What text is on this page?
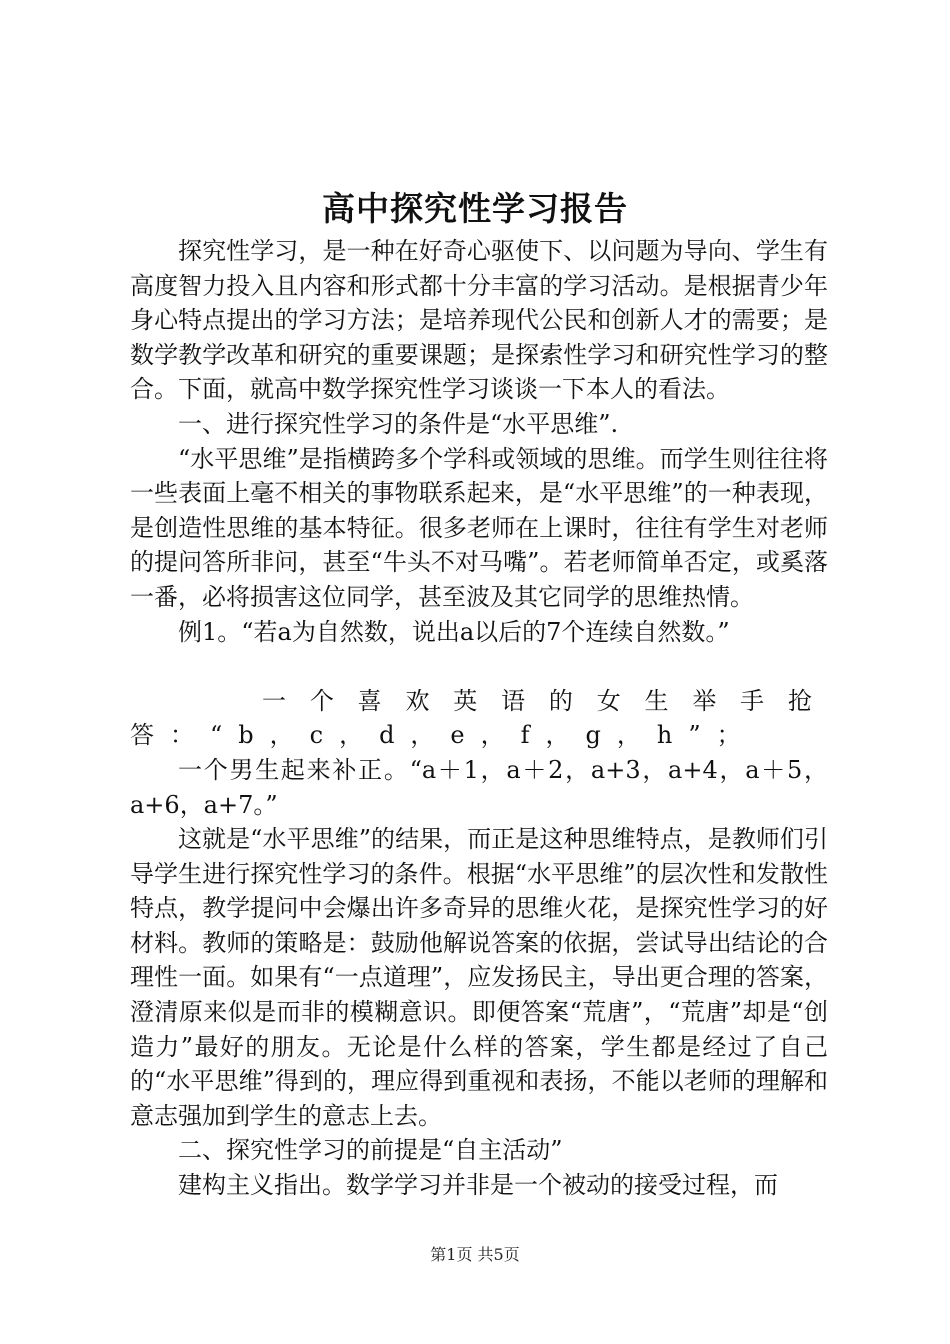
高中探究性学习报告

探究性学习，是一种在好奇心驱使下、以问题为导向、学生有高度智力投入且内容和形式都十分丰富的学习活动。是根据青少年身心特点提出的学习方法；是培养现代公民和创新人才的需要；是数学教学改革和研究的重要课题；是探索性学习和研究性学习的整合。下面，就高中数学探究性学习谈谈一下本人的看法。

一、进行探究性学习的条件是“水平思维”.

“水平思维”是指横跨多个学科或领域的思维。而学生则往往将一些表面上毫不相关的事物联系起来，是“水平思维”的一种表现，是创造性思维的基本特征。很多老师在上课时，往往有学生对老师的提问答所非问，甚至“牛头不对马嘴”。若老师简单否定，或奚落一番，必将损害这位同学，甚至波及其它同学的思维热情。

例1。“若a为自然数，说出a以后的7个连续自然数。”

一个喜欢英语的女生举手抢答：“b，c，d，e，f，g，h”；

一个男生起来补正。“a＋1，a＋2，a+3，a+4，a＋5，a+6，a+7。”

这就是“水平思维”的结果，而正是这种思维特点，是教师们引导学生进行探究性学习的条件。根据“水平思维”的层次性和发散性特点，教学提问中会爆出许多奇异的思维火花，是探究性学习的好材料。教师的策略是：鼓励他解说答案的依据，尝试导出结论的合理性一面。如果有“一点道理”，应发扬民主，导出更合理的答案，澄清原来似是而非的模糊意识。即便答案“荒唐”，“荒唐”却是“创造力”最好的朋友。无论是什么样的答案，学生都是经过了自己的“水平思维”得到的，理应得到重视和表扬，不能以老师的理解和意志强加到学生的意志上去。

二、探究性学习的前提是“自主活动”

建构主义指出。数学学习并非是一个被动的接受过程，而

第1页 共5页
